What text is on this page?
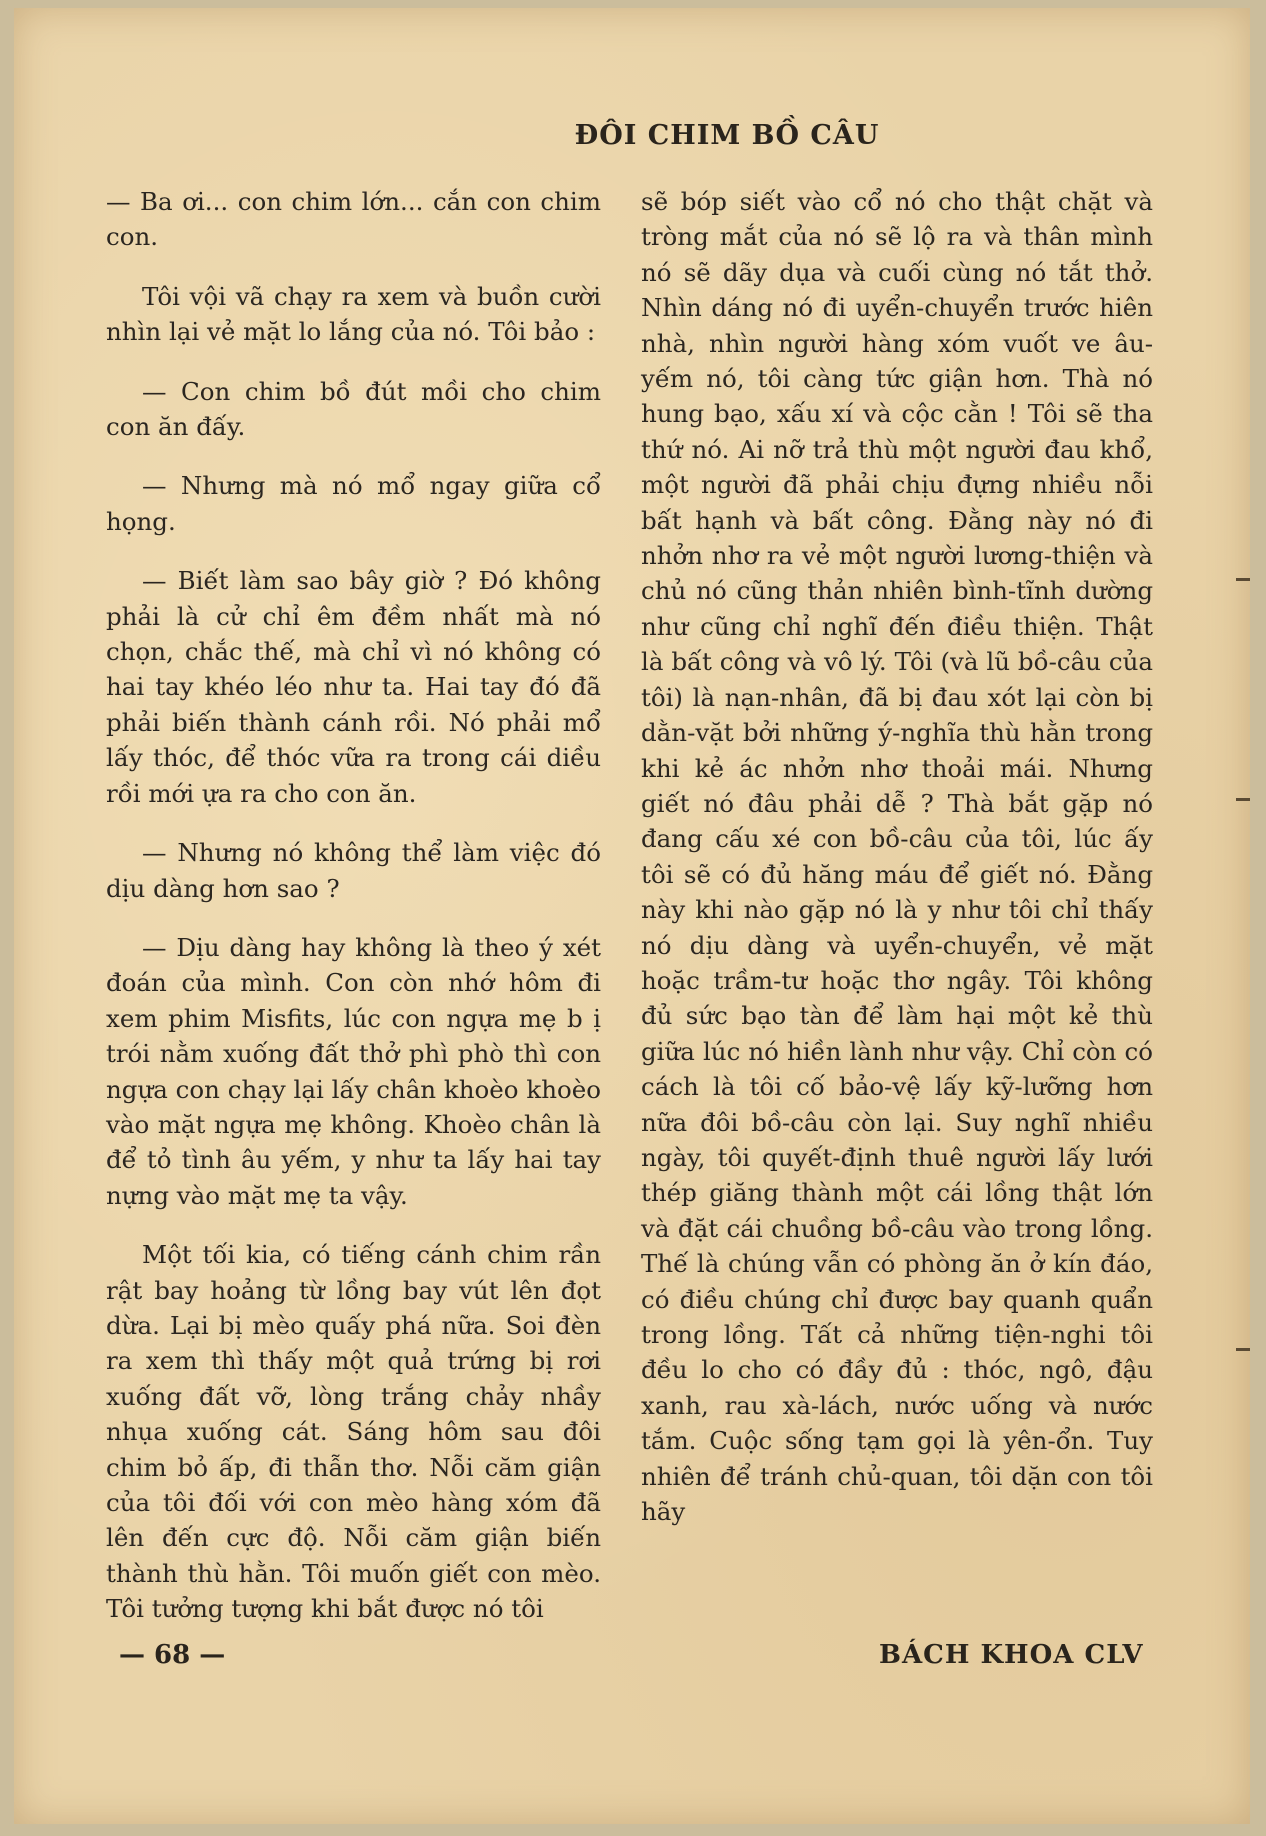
ĐÔI CHIM BỒ CÂU

— Ba ơi... con chim lớn... cắn con chim con.

Tôi vội vã chạy ra xem và buồn cười nhìn lại vẻ mặt lo lắng của nó. Tôi bảo :

— Con chim bồ đút mồi cho chim con ăn đấy.

— Nhưng mà nó mổ ngay giữa cổ họng.

— Biết làm sao bây giờ ? Đó không phải là cử chỉ êm đềm nhất mà nó chọn, chắc thế, mà chỉ vì nó không có hai tay khéo léo như ta. Hai tay đó đã phải biến thành cánh rồi. Nó phải mổ lấy thóc, để thóc vữa ra trong cái diều rồi mới ựa ra cho con ăn.

— Nhưng nó không thể làm việc đó dịu dàng hơn sao ?

— Dịu dàng hay không là theo ý xét đoán của mình. Con còn nhớ hôm đi xem phim Misfits, lúc con ngựa mẹ b ị trói nằm xuống đất thở phì phò thì con ngựa con chạy lại lấy chân khoèo khoèo vào mặt ngựa mẹ không. Khoèo chân là để tỏ tình âu yếm, y như ta lấy hai tay nựng vào mặt mẹ ta vậy.

Một tối kia, có tiếng cánh chim rần rật bay hoảng từ lồng bay vút lên đọt dừa. Lại bị mèo quấy phá nữa. Soi đèn ra xem thì thấy một quả trứng bị rơi xuống đất vỡ, lòng trắng chảy nhầy nhụa xuống cát. Sáng hôm sau đôi chim bỏ ấp, đi thẫn thơ. Nỗi căm giận của tôi đối với con mèo hàng xóm đã lên đến cực độ. Nỗi căm giận biến thành thù hằn. Tôi muốn giết con mèo. Tôi tưởng tượng khi bắt được nó tôi

sẽ bóp siết vào cổ nó cho thật chặt và tròng mắt của nó sẽ lộ ra và thân mình nó sẽ dãy dụa và cuối cùng nó tắt thở. Nhìn dáng nó đi uyển-chuyển trước hiên nhà, nhìn người hàng xóm vuốt ve âu-yếm nó, tôi càng tức giận hơn. Thà nó hung bạo, xấu xí và cộc cằn ! Tôi sẽ tha thứ nó. Ai nỡ trả thù một người đau khổ, một người đã phải chịu đựng nhiều nỗi bất hạnh và bất công. Đằng này nó đi nhởn nhơ ra vẻ một người lương-thiện và chủ nó cũng thản nhiên bình-tĩnh dường như cũng chỉ nghĩ đến điều thiện. Thật là bất công và vô lý. Tôi (và lũ bồ-câu của tôi) là nạn-nhân, đã bị đau xót lại còn bị dằn-vặt bởi những ý-nghĩa thù hằn trong khi kẻ ác nhởn nhơ thoải mái. Nhưng giết nó đâu phải dễ ? Thà bắt gặp nó đang cấu xé con bồ-câu của tôi, lúc ấy tôi sẽ có đủ hăng máu để giết nó. Đằng này khi nào gặp nó là y như tôi chỉ thấy nó dịu dàng và uyển-chuyển, vẻ mặt hoặc trầm-tư hoặc thơ ngây. Tôi không đủ sức bạo tàn để làm hại một kẻ thù giữa lúc nó hiền lành như vậy. Chỉ còn có cách là tôi cố bảo-vệ lấy kỹ-lưỡng hơn nữa đôi bồ-câu còn lại. Suy nghĩ nhiều ngày, tôi quyết-định thuê người lấy lưới thép giăng thành một cái lồng thật lớn và đặt cái chuồng bồ-câu vào trong lồng. Thế là chúng vẫn có phòng ăn ở kín đáo, có điều chúng chỉ được bay quanh quẩn trong lồng. Tất cả những tiện-nghi tôi đều lo cho có đầy đủ : thóc, ngô, đậu xanh, rau xà-lách, nước uống và nước tắm. Cuộc sống tạm gọi là yên-ổn. Tuy nhiên để tránh chủ-quan, tôi dặn con tôi hãy

— 68 —	BÁCH KHOA CLV
